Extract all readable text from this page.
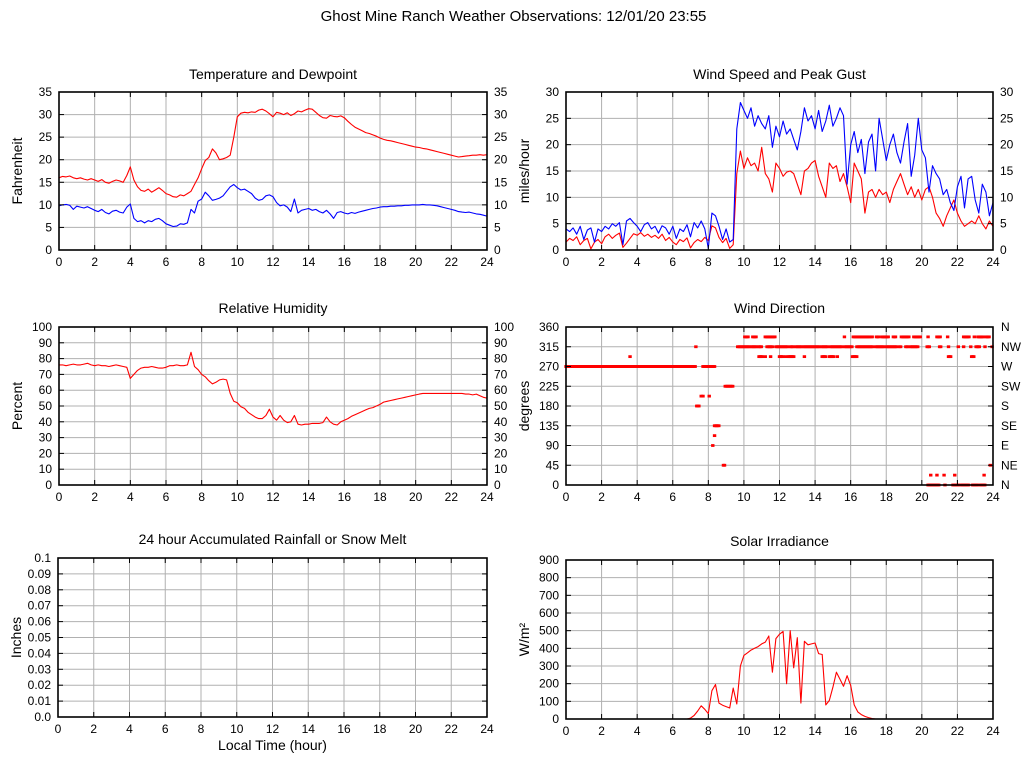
Ghost Mine Ranch Weather Observations: 12/01/20 23:55
0 2 4 6 8 10 12 14 16 18 20 22 24
0
5
10
15
20
25
30
35
0
5
10
15
20
25
30
35
Temperature and Dewpoint
Fahrenheit
0 2 4 6 8 10 12 14 16 18 20 22 24
0
5
10
15
20
25
30
0
5
10
15
20
25
30
Wind Speed and Peak Gust
miles/hour
0 2 4 6 8 10 12 14 16 18 20 22 24
0
10
20
30
40
50
60
70
80
90
100
0
10
20
30
40
50
60
70
80
90
100
Relative Humidity
Percent
0 2 4 6 8 10 12 14 16 18 20 22 24
0
45
90
135
180
225
270
315
360	N
NW
W
SW
S
SE
E
NE
N
Wind Direction
degrees
0 2 4 6 8 10 12 14 16 18 20 22 24
0.0
0.01
0.02
0.03
0.04
0.05
0.06
0.07
0.08
0.09
0.1
24 hour Accumulated Rainfall or Snow Melt
Inches
Local Time (hour)
0 2 4 6 8 10 12 14 16 18 20 22 24
0
100
200
300
400
500
600
700
800
900
Solar Irradiance
W/m²
